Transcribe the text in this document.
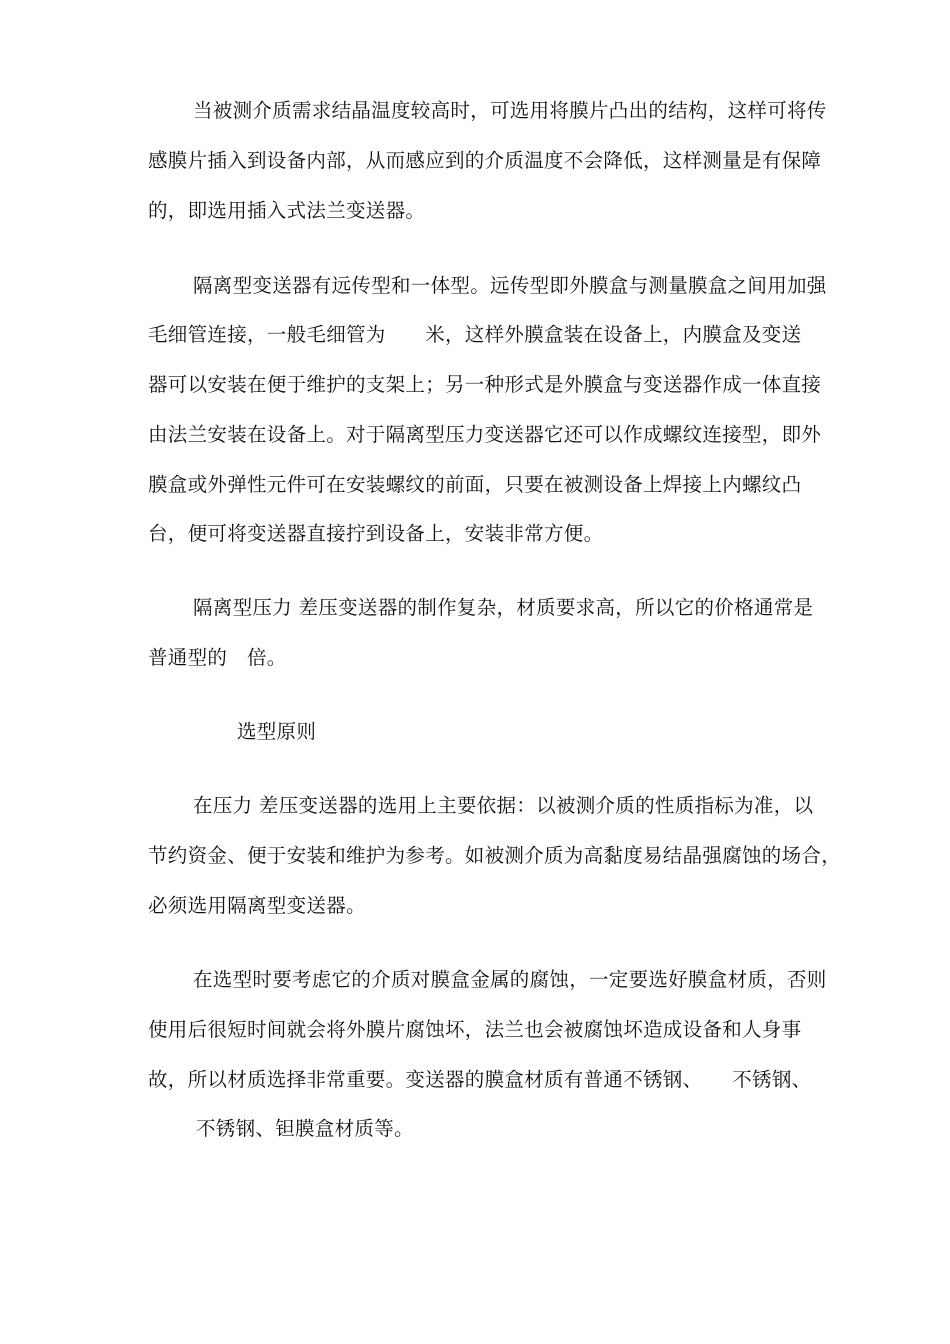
当被测介质需求结晶温度较高时，可选用将膜片凸出的结构，这样可将传
感膜片插入到设备内部，从而感应到的介质温度不会降低，这样测量是有保障
的，即选用插入式法兰变送器。
隔离型变送器有远传型和一体型。远传型即外膜盒与测量膜盒之间用加强
毛细管连接，一般毛细管为　　米，这样外膜盒装在设备上，内膜盒及变送
器可以安装在便于维护的支架上；另一种形式是外膜盒与变送器作成一体直接
由法兰安装在设备上。对于隔离型压力变送器它还可以作成螺纹连接型，即外
膜盒或外弹性元件可在安装螺纹的前面，只要在被测设备上焊接上内螺纹凸
台，便可将变送器直接拧到设备上，安装非常方便。
隔离型压力 差压变送器的制作复杂，材质要求高，所以它的价格通常是
普通型的　倍。
选型原则
在压力 差压变送器的选用上主要依据：以被测介质的性质指标为准，以
节约资金、便于安装和维护为参考。如被测介质为高黏度易结晶强腐蚀的场合，
必须选用隔离型变送器。
在选型时要考虑它的介质对膜盒金属的腐蚀，一定要选好膜盒材质，否则
使用后很短时间就会将外膜片腐蚀坏，法兰也会被腐蚀坏造成设备和人身事
故，所以材质选择非常重要。变送器的膜盒材质有普通不锈钢、　　不锈钢、
不锈钢、钽膜盒材质等。
